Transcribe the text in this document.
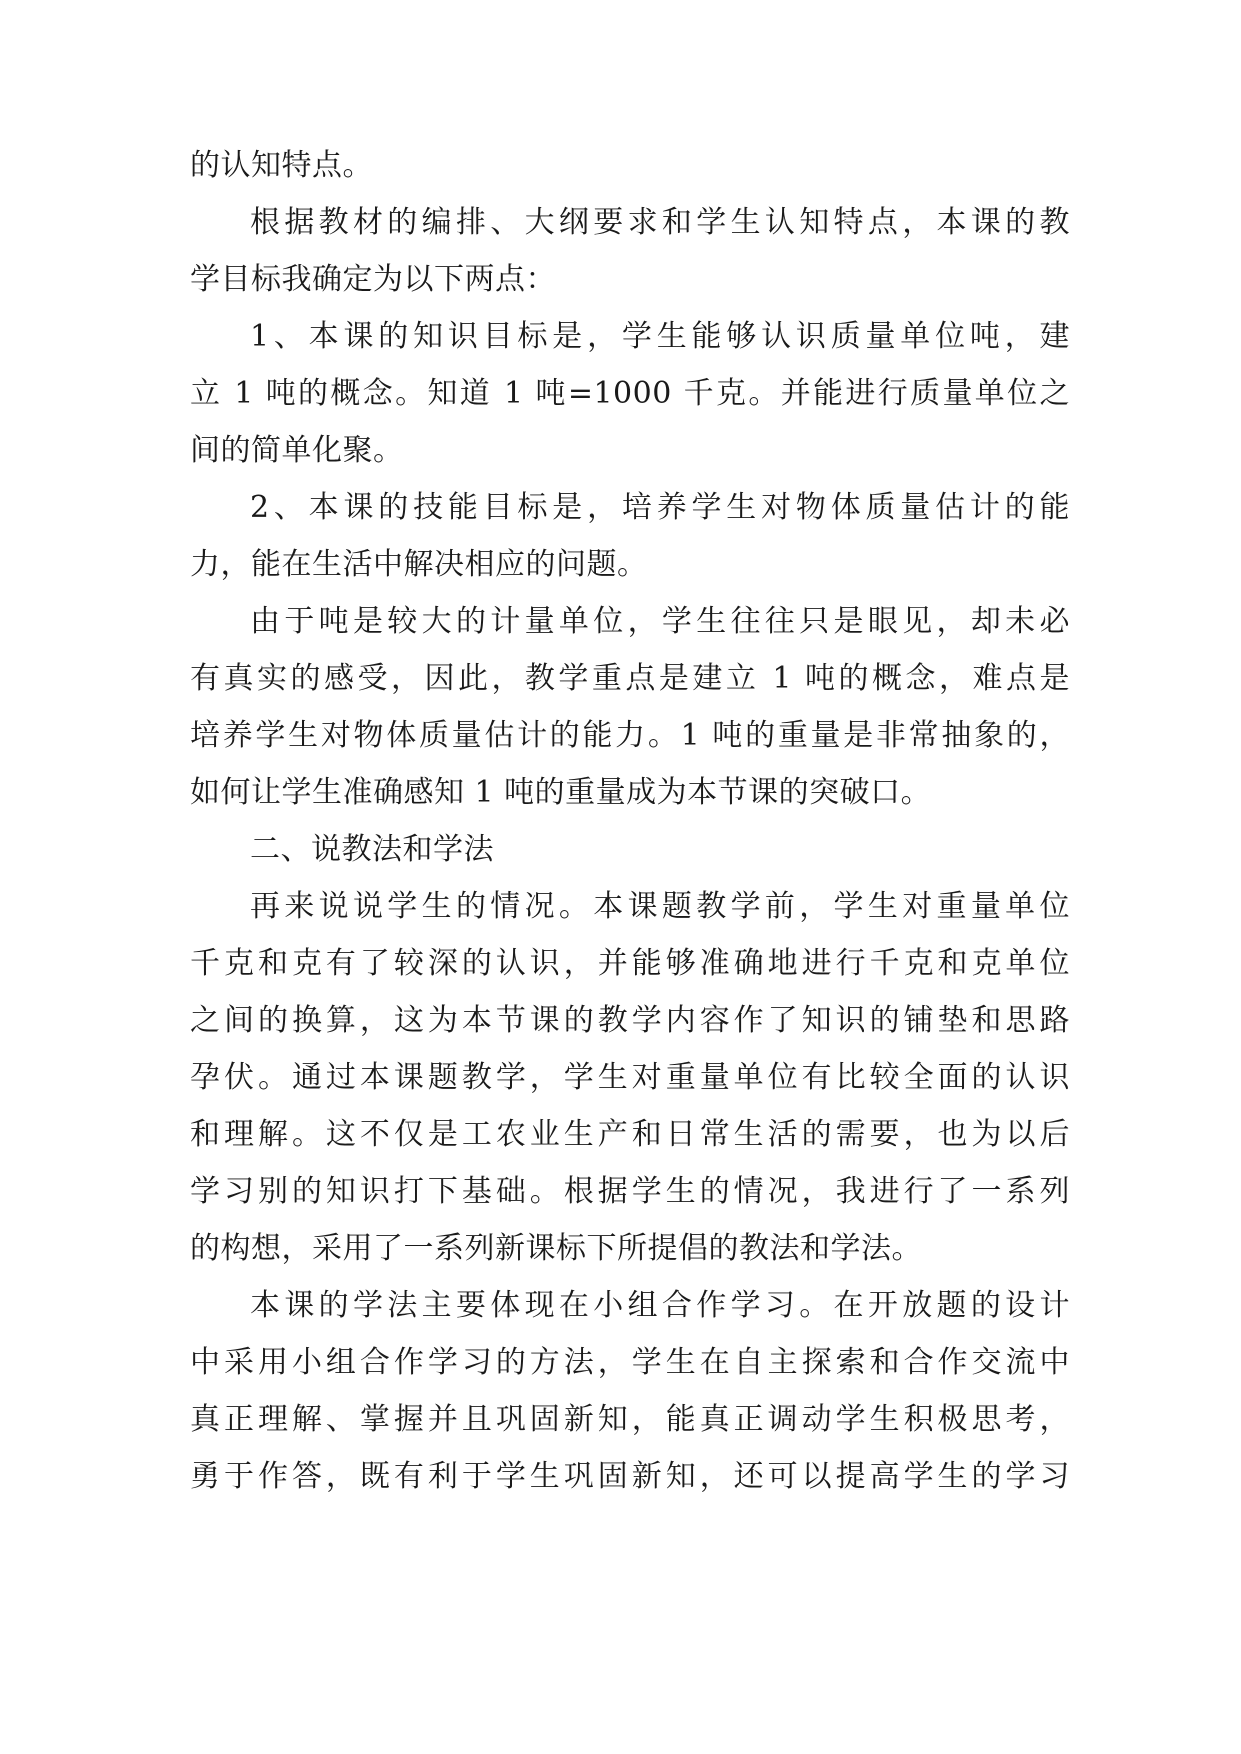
的认知特点。
根据教材的编排、大纲要求和学生认知特点，本课的教
学目标我确定为以下两点：
1、本课的知识目标是，学生能够认识质量单位吨，建
立 1 吨的概念。知道 1 吨=1000 千克。并能进行质量单位之
间的简单化聚。
2、本课的技能目标是，培养学生对物体质量估计的能
力，能在生活中解决相应的问题。
由于吨是较大的计量单位，学生往往只是眼见，却未必
有真实的感受，因此，教学重点是建立 1 吨的概念，难点是
培养学生对物体质量估计的能力。1 吨的重量是非常抽象的，
如何让学生准确感知 1 吨的重量成为本节课的突破口。
二、说教法和学法
再来说说学生的情况。本课题教学前，学生对重量单位
千克和克有了较深的认识，并能够准确地进行千克和克单位
之间的换算，这为本节课的教学内容作了知识的铺垫和思路
孕伏。通过本课题教学，学生对重量单位有比较全面的认识
和理解。这不仅是工农业生产和日常生活的需要，也为以后
学习别的知识打下基础。根据学生的情况，我进行了一系列
的构想，采用了一系列新课标下所提倡的教法和学法。
本课的学法主要体现在小组合作学习。在开放题的设计
中采用小组合作学习的方法，学生在自主探索和合作交流中
真正理解、掌握并且巩固新知，能真正调动学生积极思考，
勇于作答，既有利于学生巩固新知，还可以提高学生的学习
